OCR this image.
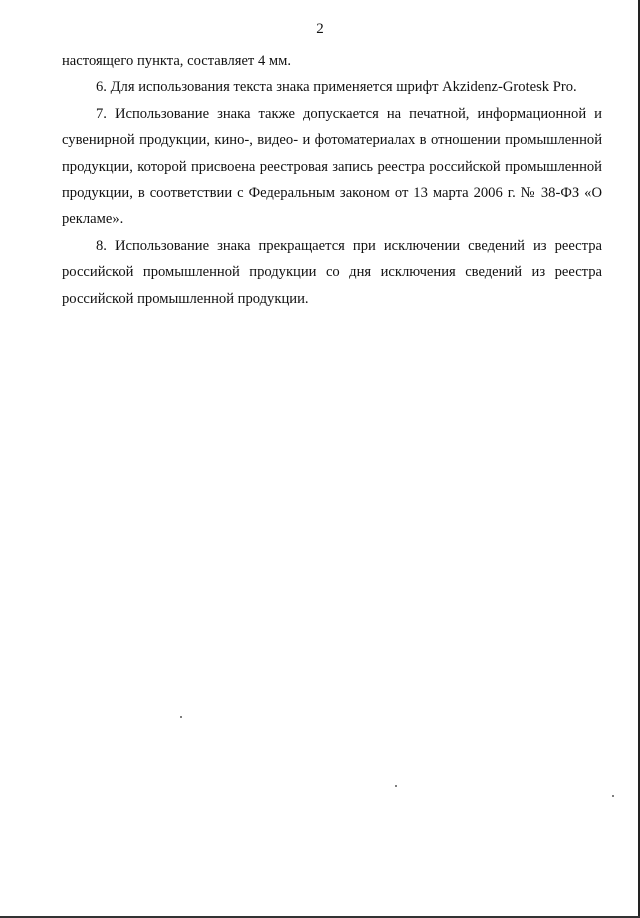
2

настоящего пункта, составляет 4 мм.

6. Для использования текста знака применяется шрифт Akzidenz-Grotesk Pro.

7. Использование знака также допускается на печатной, информационной и сувенирной продукции, кино-, видео- и фотоматериалах в отношении промышленной продукции, которой присвоена реестровая запись реестра российской промышленной продукции, в соответствии с Федеральным законом от 13 марта 2006 г. № 38-ФЗ «О рекламе».

8. Использование знака прекращается при исключении сведений из реестра российской промышленной продукции со дня исключения сведений из реестра российской промышленной продукции.
